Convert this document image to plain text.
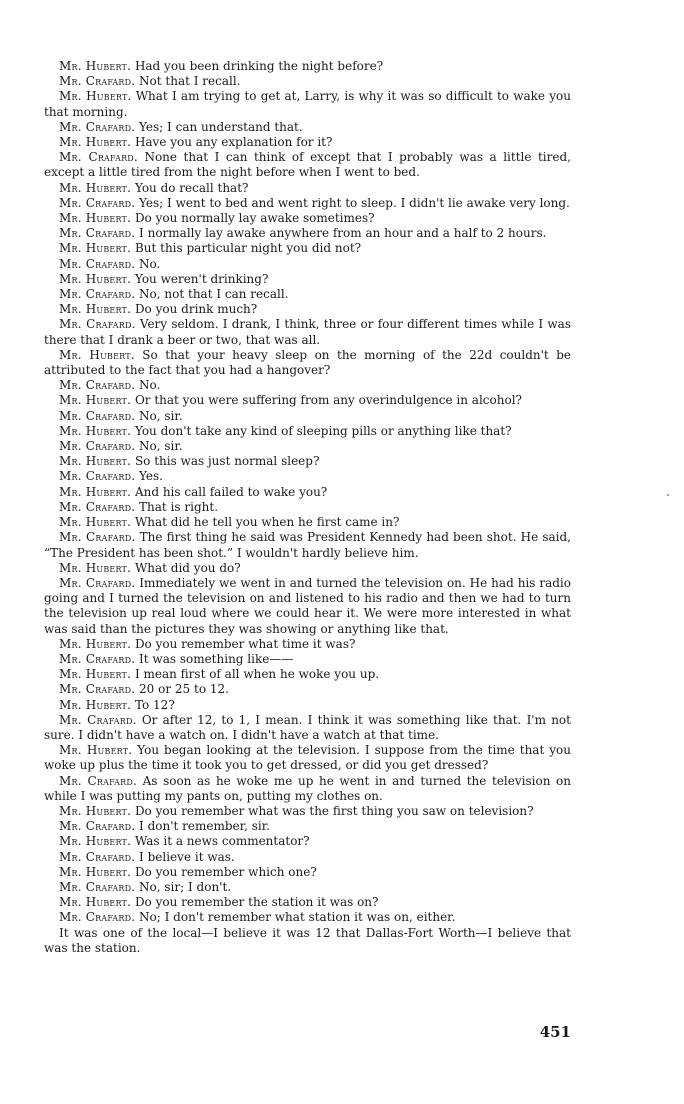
Mr. Hubert. Had you been drinking the night before?

Mr. Crafard. Not that I recall.

Mr. Hubert. What I am trying to get at, Larry, is why it was so difficult to wake you that morning.

Mr. Crafard. Yes; I can understand that.

Mr. Hubert. Have you any explanation for it?

Mr. Crafard. None that I can think of except that I probably was a little tired, except a little tired from the night before when I went to bed.

Mr. Hubert. You do recall that?

Mr. Crafard. Yes; I went to bed and went right to sleep. I didn't lie awake very long.

Mr. Hubert. Do you normally lay awake sometimes?

Mr. Crafard. I normally lay awake anywhere from an hour and a half to 2 hours.

Mr. Hubert. But this particular night you did not?

Mr. Crafard. No.

Mr. Hubert. You weren't drinking?

Mr. Crafard. No, not that I can recall.

Mr. Hubert. Do you drink much?

Mr. Crafard. Very seldom. I drank, I think, three or four different times while I was there that I drank a beer or two, that was all.

Mr. Hubert. So that your heavy sleep on the morning of the 22d couldn't be attributed to the fact that you had a hangover?

Mr. Crafard. No.

Mr. Hubert. Or that you were suffering from any overindulgence in alcohol?

Mr. Crafard. No, sir.

Mr. Hubert. You don't take any kind of sleeping pills or anything like that?

Mr. Crafard. No, sir.

Mr. Hubert. So this was just normal sleep?

Mr. Crafard. Yes.

Mr. Hubert. And his call failed to wake you?

Mr. Crafard. That is right.

Mr. Hubert. What did he tell you when he first came in?

Mr. Crafard. The first thing he said was President Kennedy had been shot. He said, “The President has been shot.” I wouldn't hardly believe him.

Mr. Hubert. What did you do?

Mr. Crafard. Immediately we went in and turned the television on. He had his radio going and I turned the television on and listened to his radio and then we had to turn the television up real loud where we could hear it. We were more interested in what was said than the pictures they was showing or anything like that.

Mr. Hubert. Do you remember what time it was?

Mr. Crafard. It was something like——

Mr. Hubert. I mean first of all when he woke you up.

Mr. Crafard. 20 or 25 to 12.

Mr. Hubert. To 12?

Mr. Crafard. Or after 12, to 1, I mean. I think it was something like that. I'm not sure. I didn't have a watch on. I didn't have a watch at that time.

Mr. Hubert. You began looking at the television. I suppose from the time that you woke up plus the time it took you to get dressed, or did you get dressed?

Mr. Crafard. As soon as he woke me up he went in and turned the television on while I was putting my pants on, putting my clothes on.

Mr. Hubert. Do you remember what was the first thing you saw on television?

Mr. Crafard. I don't remember, sir.

Mr. Hubert. Was it a news commentator?

Mr. Crafard. I believe it was.

Mr. Hubert. Do you remember which one?

Mr. Crafard. No, sir; I don't.

Mr. Hubert. Do you remember the station it was on?

Mr. Crafard. No; I don't remember what station it was on, either.

It was one of the local—I believe it was 12 that Dallas-Fort Worth—I believe that was the station.

451
